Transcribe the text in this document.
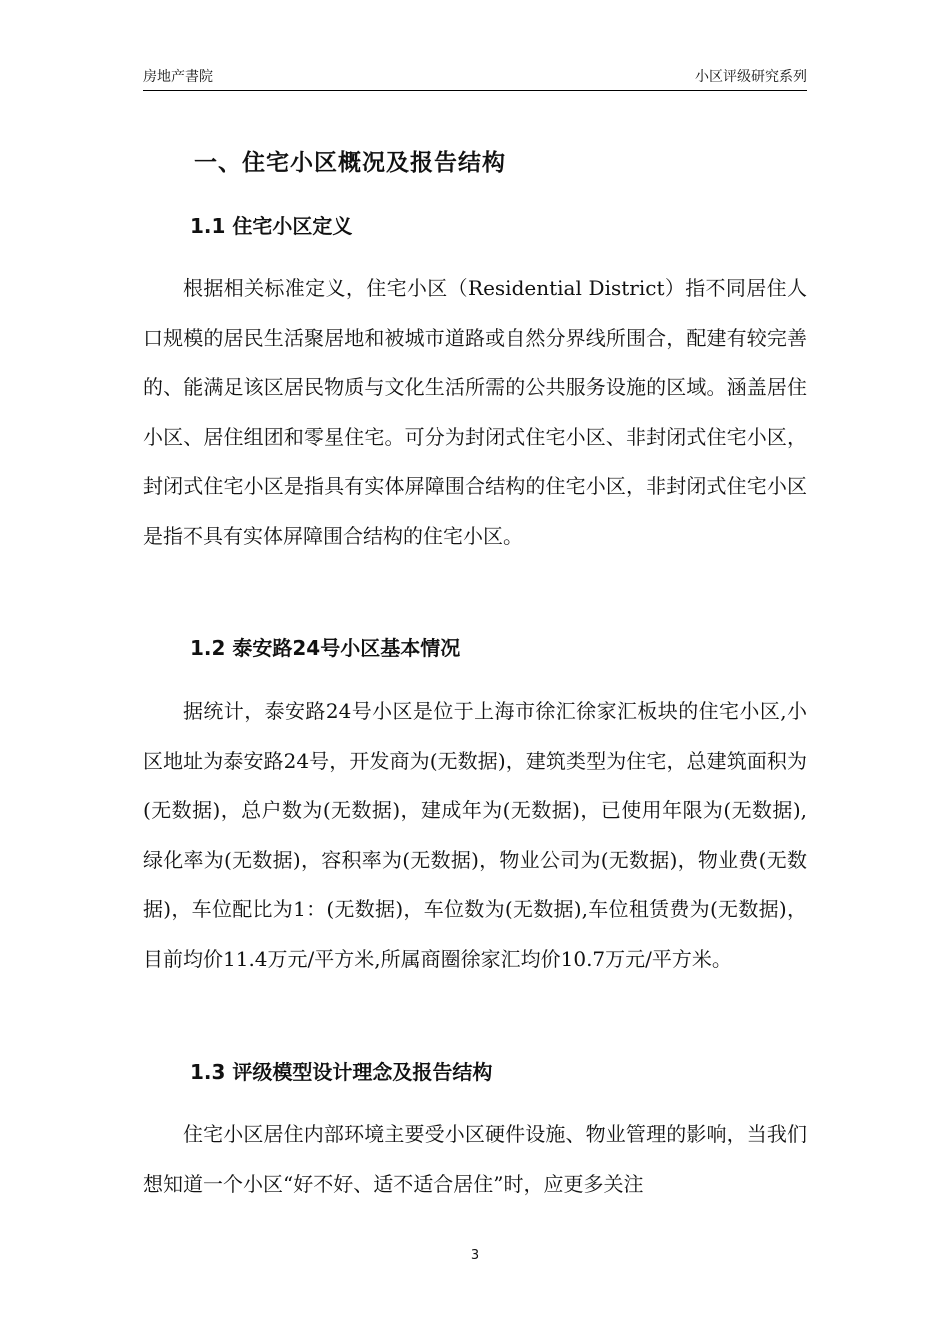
房地产書院	小区评级研究系列
一、住宅小区概况及报告结构
1.1 住宅小区定义

根据相关标准定义，住宅小区（Residential District）指不同居住人口规模的居民生活聚居地和被城市道路或自然分界线所围合，配建有较完善的、能满足该区居民物质与文化生活所需的公共服务设施的区域。涵盖居住小区、居住组团和零星住宅。可分为封闭式住宅小区、非封闭式住宅小区，封闭式住宅小区是指具有实体屏障围合结构的住宅小区，非封闭式住宅小区是指不具有实体屏障围合结构的住宅小区。

1.2 泰安路24号小区基本情况

据统计，泰安路24号小区是位于上海市徐汇徐家汇板块的住宅小区,小区地址为泰安路24号，开发商为(无数据)，建筑类型为住宅，总建筑面积为(无数据)，总户数为(无数据)，建成年为(无数据)，已使用年限为(无数据),绿化率为(无数据)，容积率为(无数据)，物业公司为(无数据)，物业费(无数据)，车位配比为1：(无数据)，车位数为(无数据),车位租赁费为(无数据)，目前均价11.4万元/平方米,所属商圈徐家汇均价10.7万元/平方米。

1.3 评级模型设计理念及报告结构

住宅小区居住内部环境主要受小区硬件设施、物业管理的影响，当我们想知道一个小区“好不好、适不适合居住”时，应更多关注

3
